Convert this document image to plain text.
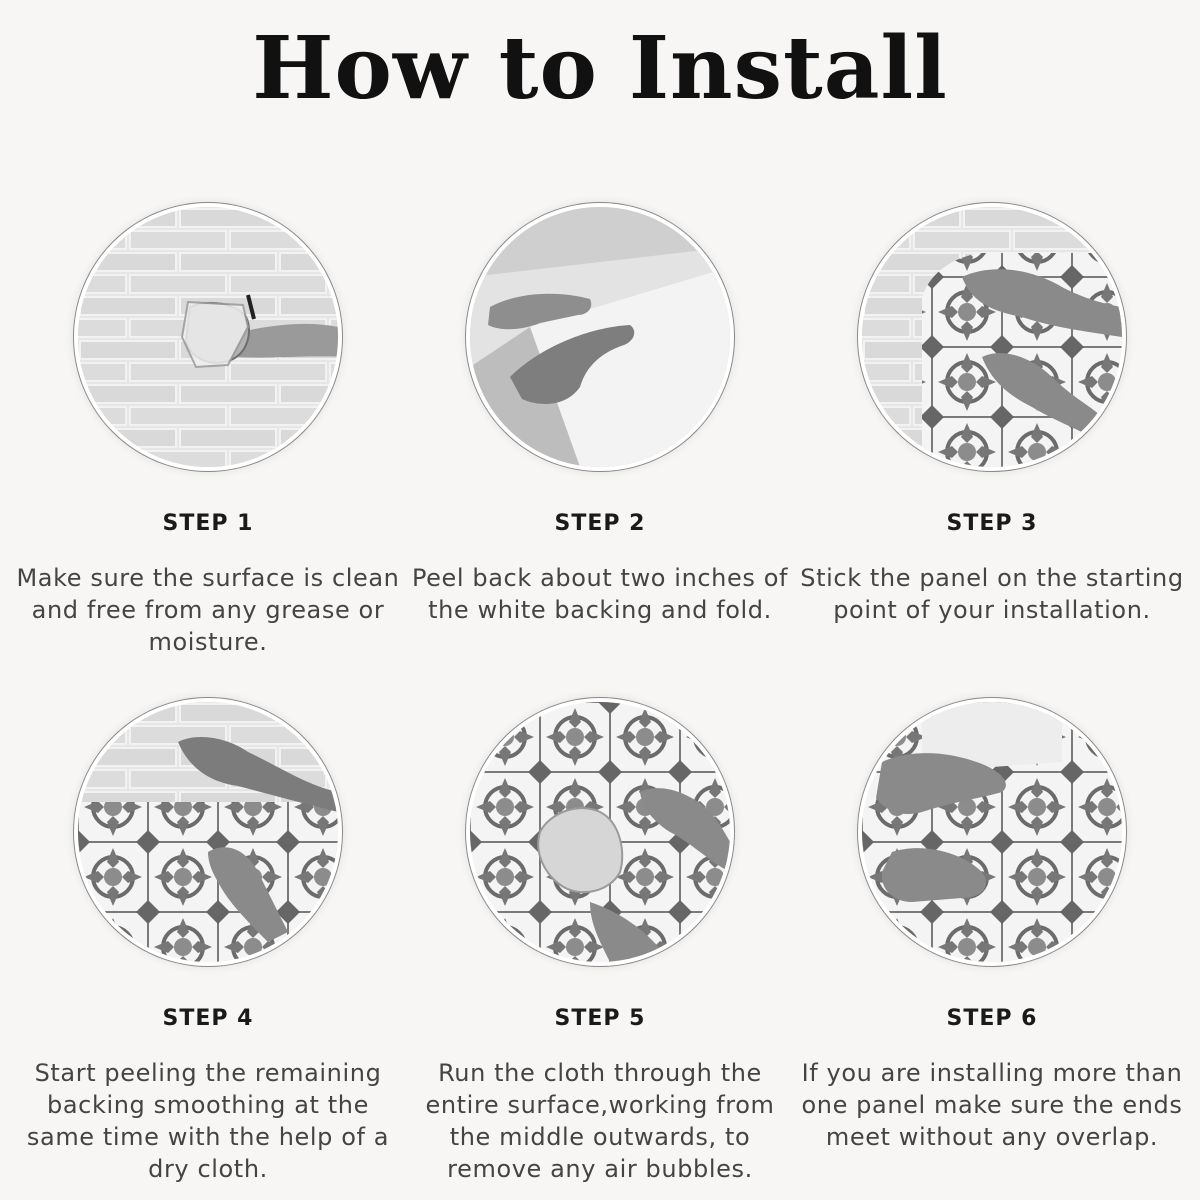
How to Install
STEP 1
Make sure the surface is clean and free from any grease or moisture.
STEP 2
Peel back about two inches of the white backing and fold.
STEP 3
Stick the panel on the starting point of your installation.
STEP 4
Start peeling the remaining backing smoothing at the same time with the help of a dry cloth.
STEP 5
Run the cloth through the entire surface,working from the middle outwards, to remove any air bubbles.
STEP 6
If you are installing more than one panel make sure the ends meet without any overlap.
